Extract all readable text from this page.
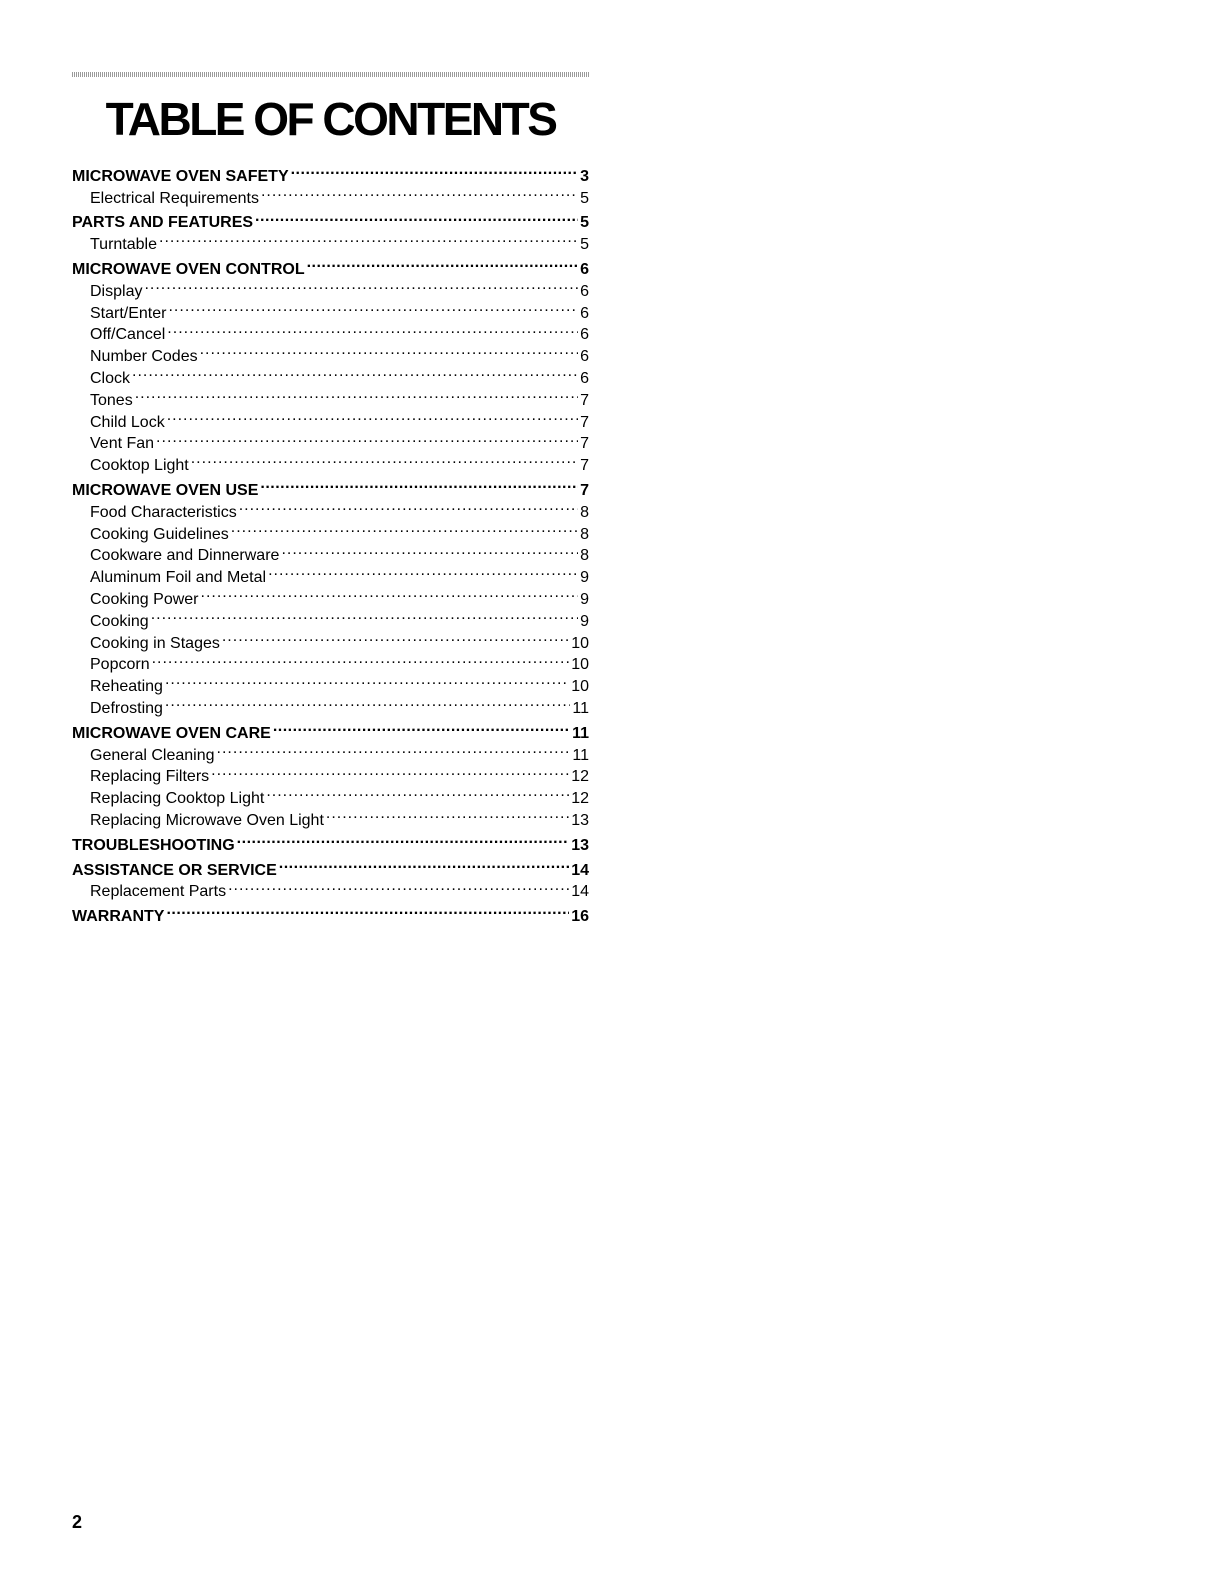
TABLE OF CONTENTS
MICROWAVE OVEN SAFETY .....	3
Electrical Requirements .....	5
PARTS AND FEATURES .....	5
Turntable .....	5
MICROWAVE OVEN CONTROL .....	6
Display .....	6
Start/Enter .....	6
Off/Cancel .....	6
Number Codes .....	6
Clock .....	6
Tones .....	7
Child Lock .....	7
Vent Fan .....	7
Cooktop Light .....	7
MICROWAVE OVEN USE .....	7
Food Characteristics .....	8
Cooking Guidelines .....	8
Cookware and Dinnerware .....	8
Aluminum Foil and Metal .....	9
Cooking Power .....	9
Cooking .....	9
Cooking in Stages .....	10
Popcorn .....	10
Reheating .....	10
Defrosting .....	11
MICROWAVE OVEN CARE .....	11
General Cleaning .....	11
Replacing Filters .....	12
Replacing Cooktop Light .....	12
Replacing Microwave Oven Light .....	13
TROUBLESHOOTING .....	13
ASSISTANCE OR SERVICE .....	14
Replacement Parts .....	14
WARRANTY .....	16
2
